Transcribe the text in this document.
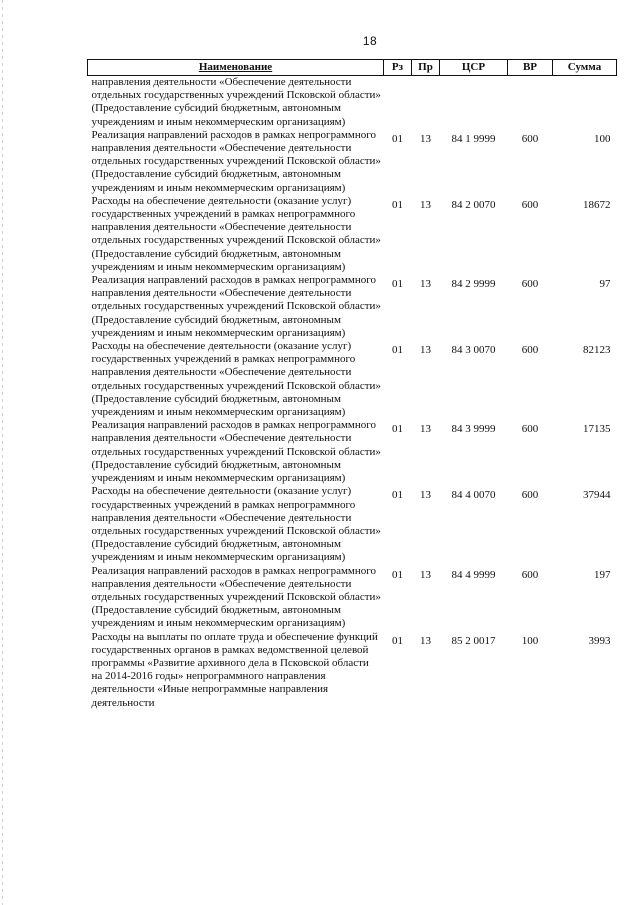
18
Наименование	Рз	Пр	ЦСР	ВР	Сумма
направления деятельности «Обеспечение деятельности отдельных государственных учреждений Псковской области» (Предоставление субсидий бюджетным, автономным учреждениям и иным некоммерческим организациям)					
Реализация направлений расходов в рамках непрограммного направления деятельности «Обеспечение деятельности отдельных государственных учреждений Псковской области» (Предоставление субсидий бюджетным, автономным учреждениям и иным некоммерческим организациям)	01	13	84 1 9999	600	100
Расходы на обеспечение деятельности (оказание услуг) государственных учреждений в рамках непрограммного направления деятельности «Обеспечение деятельности отдельных государственных учреждений Псковской области» (Предоставление субсидий бюджетным, автономным учреждениям и иным некоммерческим организациям)	01	13	84 2 0070	600	18672
Реализация направлений расходов в рамках непрограммного направления деятельности «Обеспечение деятельности отдельных государственных учреждений Псковской области» (Предоставление субсидий бюджетным, автономным учреждениям и иным некоммерческим организациям)	01	13	84 2 9999	600	97
Расходы на обеспечение деятельности (оказание услуг) государственных учреждений в рамках непрограммного направления деятельности «Обеспечение деятельности отдельных государственных учреждений Псковской области» (Предоставление субсидий бюджетным, автономным учреждениям и иным некоммерческим организациям)	01	13	84 3 0070	600	82123
Реализация направлений расходов в рамках непрограммного направления деятельности «Обеспечение деятельности отдельных государственных учреждений Псковской области» (Предоставление субсидий бюджетным, автономным учреждениям и иным некоммерческим организациям)	01	13	84 3 9999	600	17135
Расходы на обеспечение деятельности (оказание услуг) государственных учреждений в рамках непрограммного направления деятельности «Обеспечение деятельности отдельных государственных учреждений Псковской области» (Предоставление субсидий бюджетным, автономным учреждениям и иным некоммерческим организациям)	01	13	84 4 0070	600	37944
Реализация направлений расходов в рамках непрограммного направления деятельности «Обеспечение деятельности отдельных государственных учреждений Псковской области» (Предоставление субсидий бюджетным, автономным учреждениям и иным некоммерческим организациям)	01	13	84 4 9999	600	197
Расходы на выплаты по оплате труда и обеспечение функций государственных органов в рамках ведомственной целевой программы «Развитие архивного дела в Псковской области на 2014-2016 годы» непрограммного направления деятельности «Иные непрограммные направления деятельности	01	13	85 2 0017	100	3993
